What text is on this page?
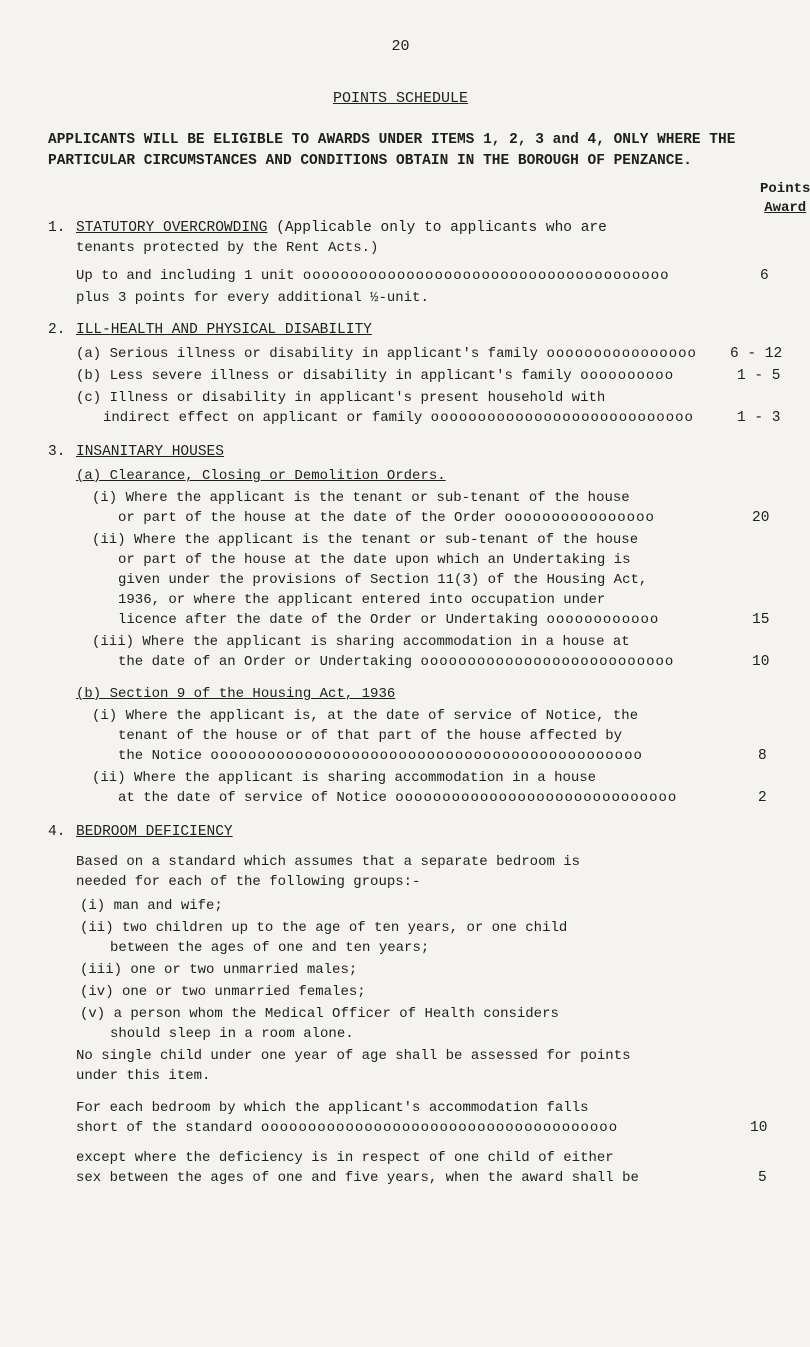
20
POINTS SCHEDULE
APPLICANTS WILL BE ELIGIBLE TO AWARDS UNDER ITEMS 1, 2, 3 and 4, ONLY WHERE THE PARTICULAR CIRCUMSTANCES AND CONDITIONS OBTAIN IN THE BOROUGH OF PENZANCE.
Points
Award
1. STATUTORY OVERCROWDING (Applicable only to applicants who are
tenants protected by the Rent Acts.)
Up to and including 1 unit ooooooooooooooooooooooooooooooooooooooo	6
plus 3 points for every additional ½-unit.
2. ILL-HEALTH AND PHYSICAL DISABILITY
(a) Serious illness or disability in applicant's family oooooooooooooooo 6 - 12
(b) Less severe illness or disability in applicant's family oooooooooo	1 - 5
(c) Illness or disability in applicant's present household with
indirect effect on applicant or family oooooooooooooooooooooooooooo	1 - 3
3. INSANITARY HOUSES
(a) Clearance, Closing or Demolition Orders.
(i) Where the applicant is the tenant or sub-tenant of the house
or part of the house at the date of the Order oooooooooooooooo	20
(ii) Where the applicant is the tenant or sub-tenant of the house
or part of the house at the date upon which an Undertaking is
given under the provisions of Section 11(3) of the Housing Act,
1936, or where the applicant entered into occupation under
licence after the date of the Order or Undertaking oooooooooooo	15
(iii) Where the applicant is sharing accommodation in a house at
the date of an Order or Undertaking ooooooooooooooooooooooooooo	10
(b) Section 9 of the Housing Act, 1936
(i) Where the applicant is, at the date of service of Notice, the
tenant of the house or of that part of the house affected by
the Notice oooooooooooooooooooooooooooooooooooooooooooooo	8
(ii) Where the applicant is sharing accommodation in a house
at the date of service of Notice oooooooooooooooooooooooooooooo	2
4. BEDROOM DEFICIENCY
Based on a standard which assumes that a separate bedroom is
needed for each of the following groups:-
(i) man and wife;
(ii) two children up to the age of ten years, or one child
between the ages of one and ten years;
(iii) one or two unmarried males;
(iv) one or two unmarried females;
(v) a person whom the Medical Officer of Health considers
should sleep in a room alone.
No single child under one year of age shall be assessed for points
under this item.
For each bedroom by which the applicant's accommodation falls
short of the standard oooooooooooooooooooooooooooooooooooooo	10
except where the deficiency is in respect of one child of either
sex between the ages of one and five years, when the award shall be	5
